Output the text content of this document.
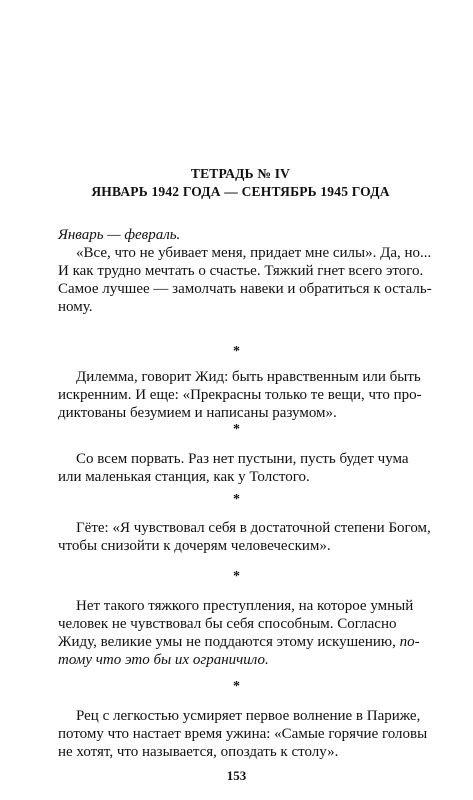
ТЕТРАДЬ № IV
ЯНВАРЬ 1942 ГОДА — СЕНТЯБРЬ 1945 ГОДА
Январь — февраль.
«Все, что не убивает меня, придает мне силы». Да, но...
И как трудно мечтать о счастье. Тяжкий гнет всего этого.
Самое лучшее — замолчать навеки и обратиться к осталь-
ному.
*
Дилемма, говорит Жид: быть нравственным или быть
искренним. И еще: «Прекрасны только те вещи, что про-
диктованы безумием и написаны разумом».
*
Со всем порвать. Раз нет пустыни, пусть будет чума
или маленькая станция, как у Толстого.
*
Гёте: «Я чувствовал себя в достаточной степени Богом,
чтобы снизойти к дочерям человеческим».
*
Нет такого тяжкого преступления, на которое умный
человек не чувствовал бы себя способным. Согласно
Жиду, великие умы не поддаются этому искушению, по-
тому что это бы их ограничило.
*
Рец с легкостью усмиряет первое волнение в Париже,
потому что настает время ужина: «Самые горячие головы
не хотят, что называется, опоздать к столу».
153
